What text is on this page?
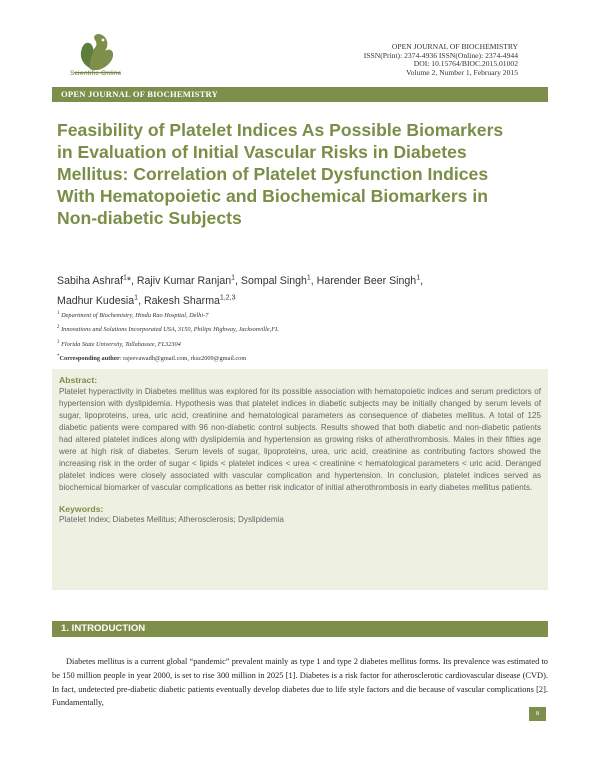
Scientific Online
OPEN JOURNAL OF BIOCHEMISTRY
ISSN(Print): 2374-4936 ISSN(Online): 2374-4944
DOI: 10.15764/BIOC.2015.01002
Volume 2, Number 1, February 2015
OPEN JOURNAL OF BIOCHEMISTRY
Feasibility of Platelet Indices As Possible Biomarkers in Evaluation of Initial Vascular Risks in Diabetes Mellitus: Correlation of Platelet Dysfunction Indices With Hematopoietic and Biochemical Biomarkers in Non-diabetic Subjects
Sabiha Ashraf$^1$*, Rajiv Kumar Ranjan$^1$, Sompal Singh$^1$, Harender Beer Singh$^1$,
Madhur Kudesia$^1$, Rakesh Sharma$^{1,2,3}$
$^1$ Department of Biochemistry, Hindu Rao Hospital, Delhi-7
$^2$ Innovations and Solutions Incorporated USA, 3150, Philips Highway, Jacksonville,FL
$^3$ Florida State University, Tallahassee, FL32304
*Corresponding author: rajeevawadh@gmail.com, rksz2009@gmail.com
Abstract:
Platelet hyperactivity in Diabetes mellitus was explored for its possible association with hematopoietic indices and serum predictors of hypertension with dyslipidemia. Hypothesis was that platelet indices in diabetic subjects may be initially changed by serum levels of sugar, lipoproteins, urea, uric acid, creatinine and hematological parameters as consequence of diabetes mellitus. A total of 125 diabetic patients were compared with 96 non-diabetic control subjects. Results showed that both diabetic and non-diabetic patients had altered platelet indices along with dyslipidemia and hypertension as growing risks of atherothrombosis. Males in their fifties age were at high risk of diabetes. Serum levels of sugar, lipoproteins, urea, uric acid, creatinine as contributing factors showed the increasing risk in the order of sugar < lipids < platelet indices < urea < creatinine < hematological parameters < uric acid. Deranged platelet indices were closely associated with vascular complication and hypertension. In conclusion, platelet indices served as biochemical biomarker of vascular complications as better risk indicator of initial atherothrombosis in early diabetes mellitus patients.
Keywords:
Platelet Index; Diabetes Mellitus; Atherosclerosis; Dyslipidemia
1. INTRODUCTION

Diabetes mellitus is a current global “pandemic” prevalent mainly as type 1 and type 2 diabetes mellitus forms. Its prevalence was estimated to be 150 million people in year 2000, is set to rise 300 million in 2025 [1]. Diabetes is a risk factor for atherosclerotic cardiovascular disease (CVD). In fact, undetected pre-diabetic diabetic patients eventually develop diabetes due to life style factors and die because of vascular complications [2]. Fundamentally,

8
